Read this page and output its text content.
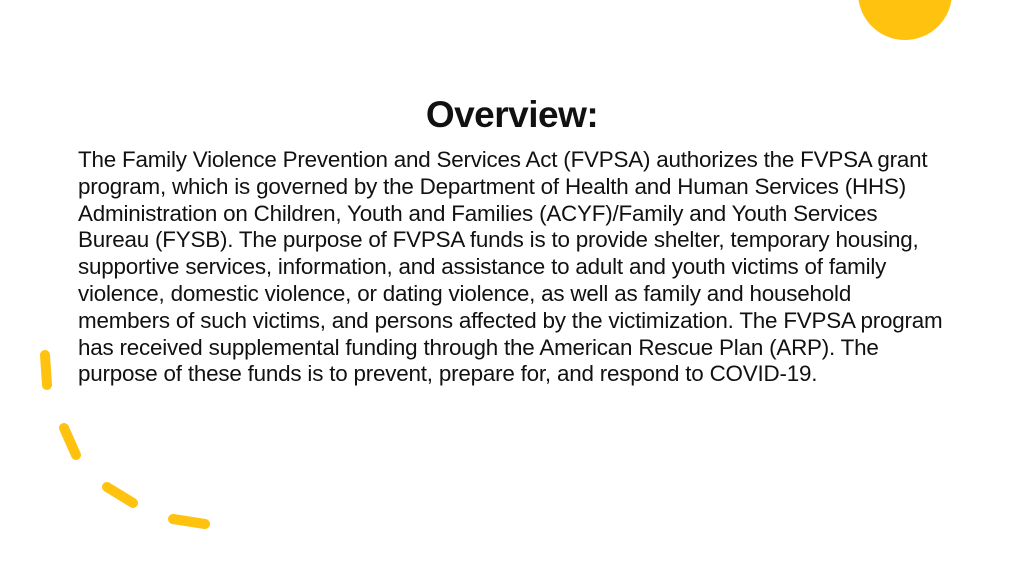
Overview:
The Family Violence Prevention and Services Act (FVPSA) authorizes the FVPSA grant program, which is governed by the Department of Health and Human Services (HHS) Administration on Children, Youth and Families (ACYF)/Family and Youth Services Bureau (FYSB). The purpose of FVPSA funds is to provide shelter, temporary housing, supportive services, information, and assistance to adult and youth victims of family violence, domestic violence, or dating violence, as well as family and household members of such victims, and persons affected by the victimization. The FVPSA program has received supplemental funding through the American Rescue Plan (ARP). The purpose of these funds is to prevent, prepare for, and respond to COVID-19.
